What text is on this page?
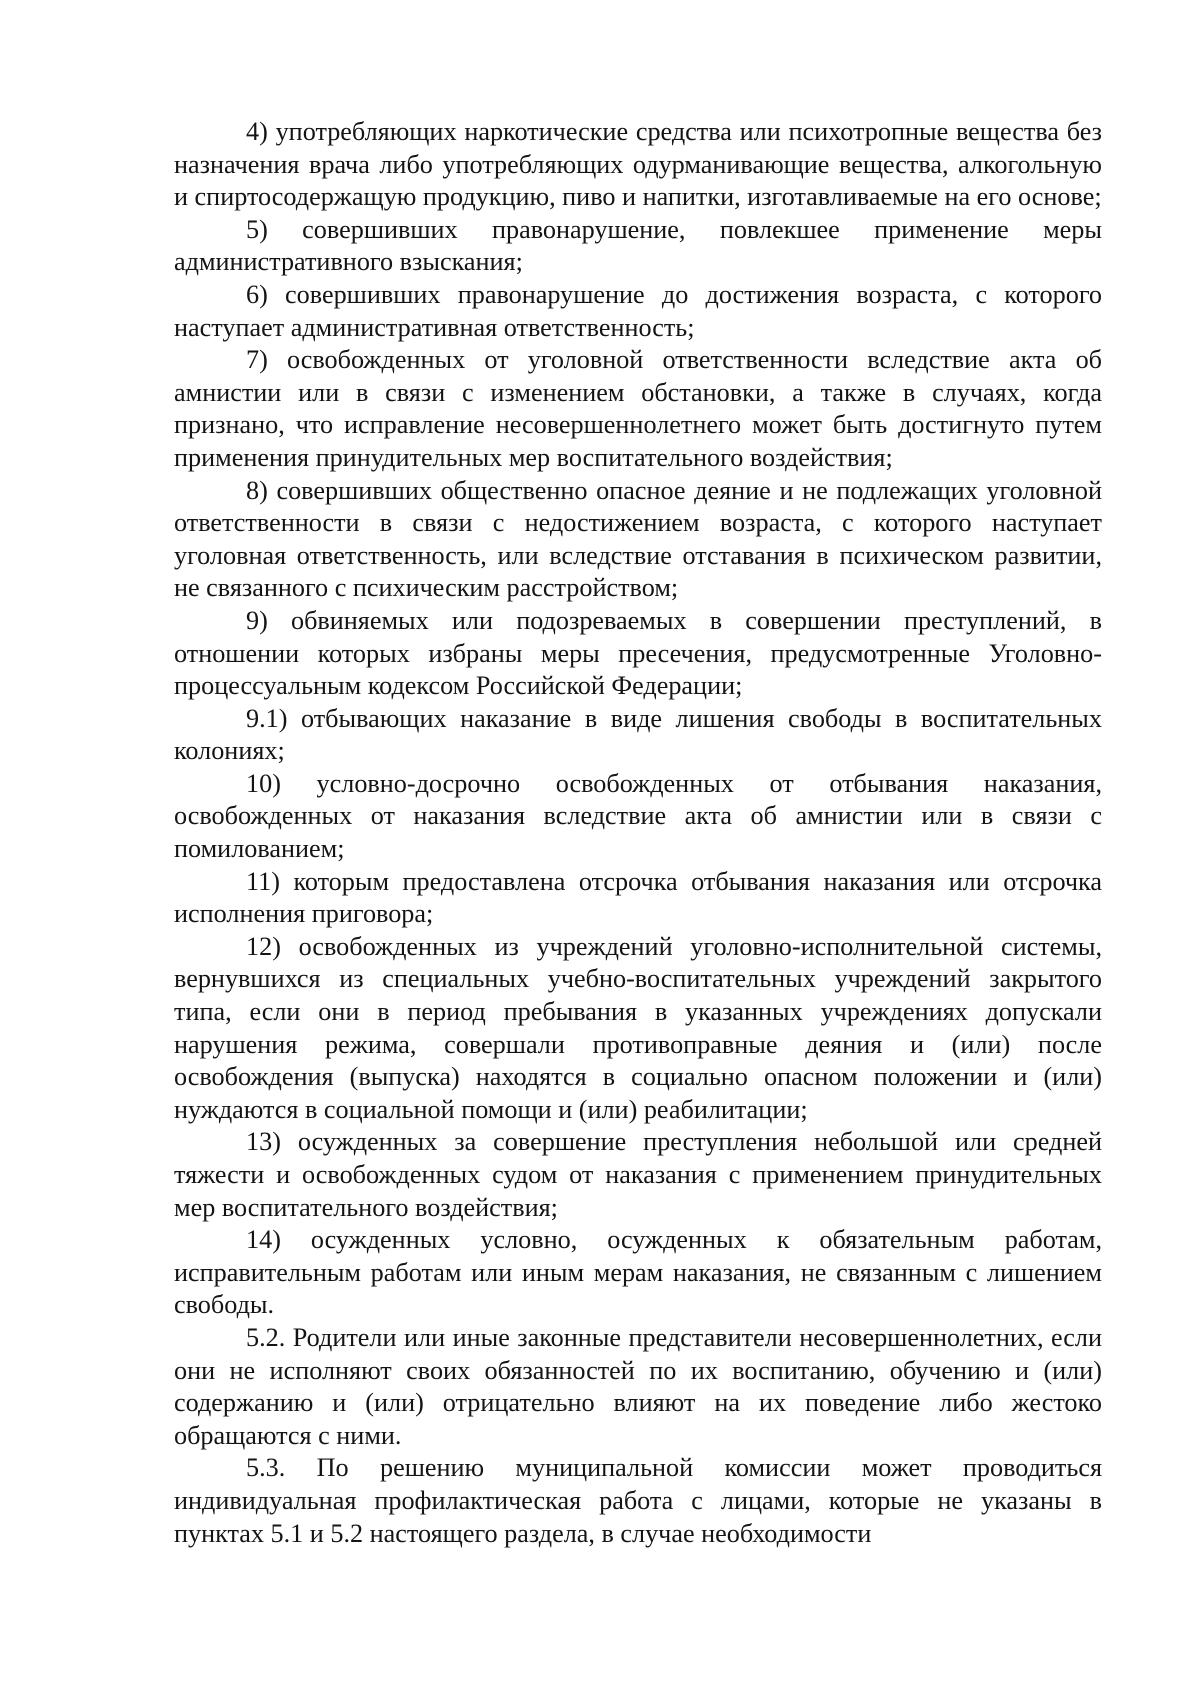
4) употребляющих наркотические средства или психотропные вещества без назначения врача либо употребляющих одурманивающие вещества, алкогольную и спиртосодержащую продукцию, пиво и напитки, изготавливаемые на его основе;

5) совершивших правонарушение, повлекшее применение меры административного взыскания;

6) совершивших правонарушение до достижения возраста, с которого наступает административная ответственность;

7) освобожденных от уголовной ответственности вследствие акта об амнистии или в связи с изменением обстановки, а также в случаях, когда признано, что исправление несовершеннолетнего может быть достигнуто путем применения принудительных мер воспитательного воздействия;

8) совершивших общественно опасное деяние и не подлежащих уголовной ответственности в связи с недостижением возраста, с которого наступает уголовная ответственность, или вследствие отставания в психическом развитии, не связанного с психическим расстройством;

9) обвиняемых или подозреваемых в совершении преступлений, в отношении которых избраны меры пресечения, предусмотренные Уголовно-процессуальным кодексом Российской Федерации;

9.1) отбывающих наказание в виде лишения свободы в воспитательных колониях;

10) условно-досрочно освобожденных от отбывания наказания, освобожденных от наказания вследствие акта об амнистии или в связи с помилованием;

11) которым предоставлена отсрочка отбывания наказания или отсрочка исполнения приговора;

12) освобожденных из учреждений уголовно-исполнительной системы, вернувшихся из специальных учебно-воспитательных учреждений закрытого типа, если они в период пребывания в указанных учреждениях допускали нарушения режима, совершали противоправные деяния и (или) после освобождения (выпуска) находятся в социально опасном положении и (или) нуждаются в социальной помощи и (или) реабилитации;

13) осужденных за совершение преступления небольшой или средней тяжести и освобожденных судом от наказания с применением принудительных мер воспитательного воздействия;

14) осужденных условно, осужденных к обязательным работам, исправительным работам или иным мерам наказания, не связанным с лишением свободы.

5.2. Родители или иные законные представители несовершеннолетних, если они не исполняют своих обязанностей по их воспитанию, обучению и (или) содержанию и (или) отрицательно влияют на их поведение либо жестоко обращаются с ними.

5.3. По решению муниципальной комиссии может проводиться индивидуальная профилактическая работа с лицами, которые не указаны в пунктах 5.1 и 5.2 настоящего раздела, в случае необходимости
